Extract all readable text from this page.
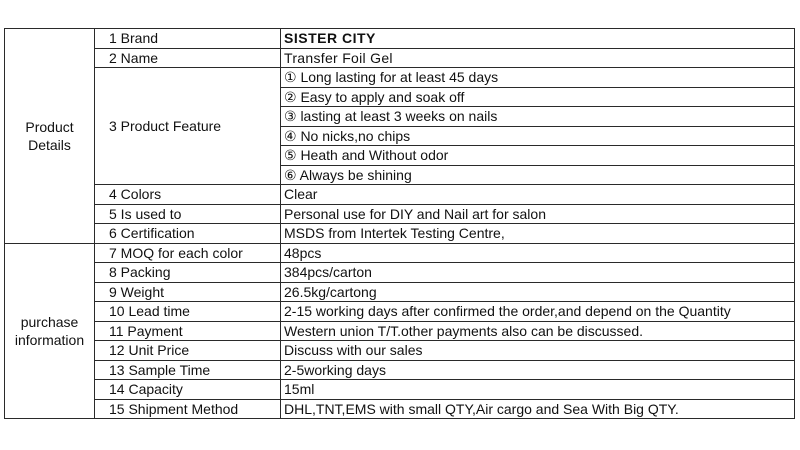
Product Details	1 Brand	SISTER CITY
	2 Name	Transfer Foil Gel
	3 Product Feature	① Long lasting for at least 45 days
		② Easy to apply and soak off
		③ lasting at least 3 weeks on nails
		④ No nicks,no chips
		⑤ Heath and Without odor
		⑥ Always be shining
	4 Colors	Clear
	5 Is used to	Personal use for DIY and Nail art for salon
	6 Certification	MSDS from Intertek Testing Centre,
purchase information	7 MOQ for each color	48pcs
	8 Packing	384pcs/carton
	9 Weight	26.5kg/cartong
	10 Lead time	2-15 working days after confirmed the order,and depend on the Quantity
	11 Payment	Western union T/T.other payments also can be discussed.
	12 Unit Price	Discuss with our sales
	13 Sample Time	2-5working days
	14 Capacity	15ml
	15 Shipment Method	DHL,TNT,EMS with small QTY,Air cargo and Sea With Big QTY.
